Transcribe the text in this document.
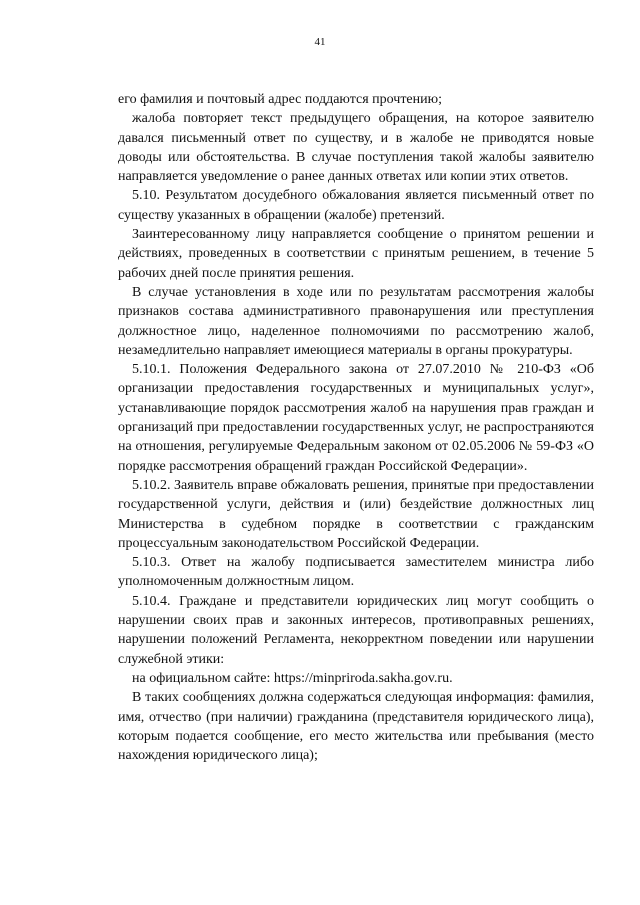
41

его фамилия и почтовый адрес поддаются прочтению;

жалоба повторяет текст предыдущего обращения, на которое заявителю давался письменный ответ по существу, и в жалобе не приводятся новые доводы или обстоятельства. В случае поступления такой жалобы заявителю направляется уведомление о ранее данных ответах или копии этих ответов.

5.10. Результатом досудебного обжалования является письменный ответ по существу указанных в обращении (жалобе) претензий.

Заинтересованному лицу направляется сообщение о принятом решении и действиях, проведенных в соответствии с принятым решением, в течение 5 рабочих дней после принятия решения.

В случае установления в ходе или по результатам рассмотрения жалобы признаков состава административного правонарушения или преступления должностное лицо, наделенное полномочиями по рассмотрению жалоб, незамедлительно направляет имеющиеся материалы в органы прокуратуры.

5.10.1. Положения Федерального закона от 27.07.2010 № 210-ФЗ «Об организации предоставления государственных и муниципальных услуг», устанавливающие порядок рассмотрения жалоб на нарушения прав граждан и организаций при предоставлении государственных услуг, не распространяются на отношения, регулируемые Федеральным законом от 02.05.2006 № 59-ФЗ «О порядке рассмотрения обращений граждан Российской Федерации».

5.10.2. Заявитель вправе обжаловать решения, принятые при предоставлении государственной услуги, действия и (или) бездействие должностных лиц Министерства в судебном порядке в соответствии с гражданским процессуальным законодательством Российской Федерации.

5.10.3. Ответ на жалобу подписывается заместителем министра либо уполномоченным должностным лицом.

5.10.4. Граждане и представители юридических лиц могут сообщить о нарушении своих прав и законных интересов, противоправных решениях, нарушении положений Регламента, некорректном поведении или нарушении служебной этики:

на официальном сайте: https://minpriroda.sakha.gov.ru.

В таких сообщениях должна содержаться следующая информация: фамилия, имя, отчество (при наличии) гражданина (представителя юридического лица), которым подается сообщение, его место жительства или пребывания (место нахождения юридического лица);
